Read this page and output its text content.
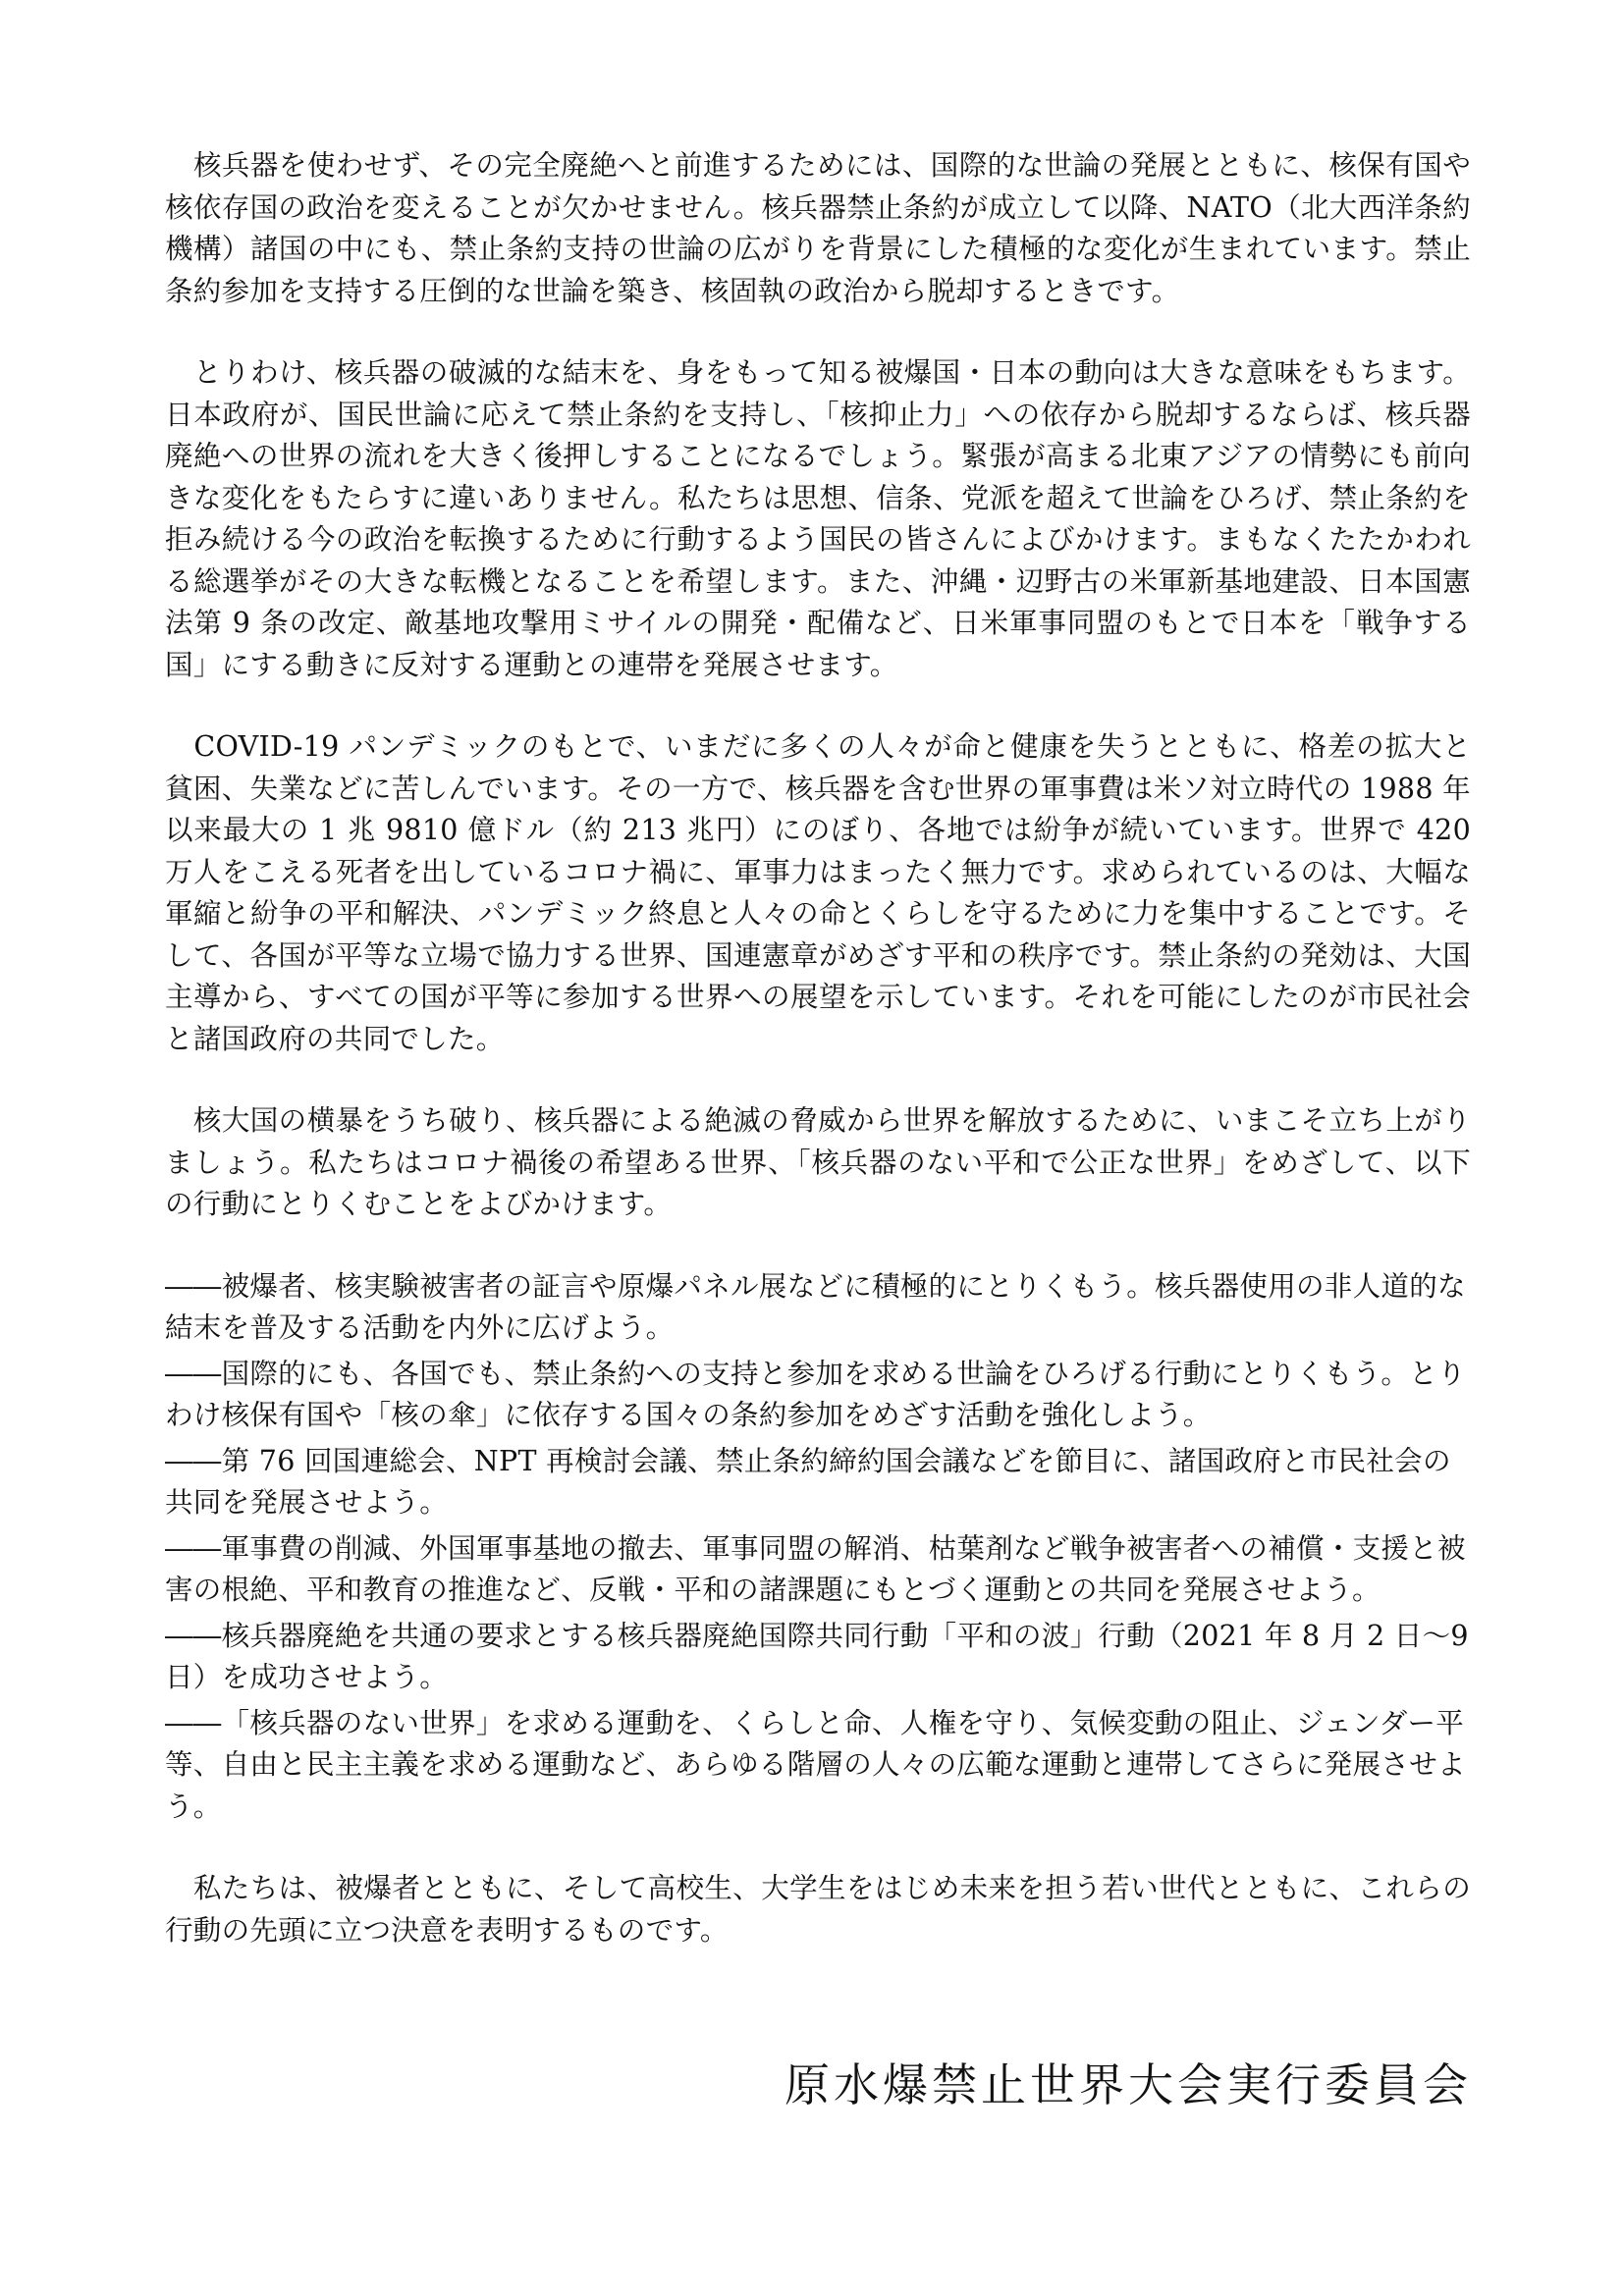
　核兵器を使わせず、その完全廃絶へと前進するためには、国際的な世論の発展とともに、核保有国や核依存国の政治を変えることが欠かせません。核兵器禁止条約が成立して以降、NATO（北大西洋条約機構）諸国の中にも、禁止条約支持の世論の広がりを背景にした積極的な変化が生まれています。禁止条約参加を支持する圧倒的な世論を築き、核固執の政治から脱却するときです。

　とりわけ、核兵器の破滅的な結末を、身をもって知る被爆国・日本の動向は大きな意味をもちます。日本政府が、国民世論に応えて禁止条約を支持し、「核抑止力」への依存から脱却するならば、核兵器廃絶への世界の流れを大きく後押しすることになるでしょう。緊張が高まる北東アジアの情勢にも前向きな変化をもたらすに違いありません。私たちは思想、信条、党派を超えて世論をひろげ、禁止条約を拒み続ける今の政治を転換するために行動するよう国民の皆さんによびかけます。まもなくたたかわれる総選挙がその大きな転機となることを希望します。また、沖縄・辺野古の米軍新基地建設、日本国憲法第 9 条の改定、敵基地攻撃用ミサイルの開発・配備など、日米軍事同盟のもとで日本を「戦争する国」にする動きに反対する運動との連帯を発展させます。

　COVID-19 パンデミックのもとで、いまだに多くの人々が命と健康を失うとともに、格差の拡大と貧困、失業などに苦しんでいます。その一方で、核兵器を含む世界の軍事費は米ソ対立時代の 1988 年以来最大の 1 兆 9810 億ドル（約 213 兆円）にのぼり、各地では紛争が続いています。世界で 420 万人をこえる死者を出しているコロナ禍に、軍事力はまったく無力です。求められているのは、大幅な軍縮と紛争の平和解決、パンデミック終息と人々の命とくらしを守るために力を集中することです。そして、各国が平等な立場で協力する世界、国連憲章がめざす平和の秩序です。禁止条約の発効は、大国主導から、すべての国が平等に参加する世界への展望を示しています。それを可能にしたのが市民社会と諸国政府の共同でした。

　核大国の横暴をうち破り、核兵器による絶滅の脅威から世界を解放するために、いまこそ立ち上がりましょう。私たちはコロナ禍後の希望ある世界、「核兵器のない平和で公正な世界」をめざして、以下の行動にとりくむことをよびかけます。

――被爆者、核実験被害者の証言や原爆パネル展などに積極的にとりくもう。核兵器使用の非人道的な結末を普及する活動を内外に広げよう。

――国際的にも、各国でも、禁止条約への支持と参加を求める世論をひろげる行動にとりくもう。とりわけ核保有国や「核の傘」に依存する国々の条約参加をめざす活動を強化しよう。

――第 76 回国連総会、NPT 再検討会議、禁止条約締約国会議などを節目に、諸国政府と市民社会の共同を発展させよう。

――軍事費の削減、外国軍事基地の撤去、軍事同盟の解消、枯葉剤など戦争被害者への補償・支援と被害の根絶、平和教育の推進など、反戦・平和の諸課題にもとづく運動との共同を発展させよう。

――核兵器廃絶を共通の要求とする核兵器廃絶国際共同行動「平和の波」行動（2021 年 8 月 2 日～9 日）を成功させよう。

――「核兵器のない世界」を求める運動を、くらしと命、人権を守り、気候変動の阻止、ジェンダー平等、自由と民主主義を求める運動など、あらゆる階層の人々の広範な運動と連帯してさらに発展させよう。

　私たちは、被爆者とともに、そして高校生、大学生をはじめ未来を担う若い世代とともに、これらの行動の先頭に立つ決意を表明するものです。

原水爆禁止世界大会実行委員会
